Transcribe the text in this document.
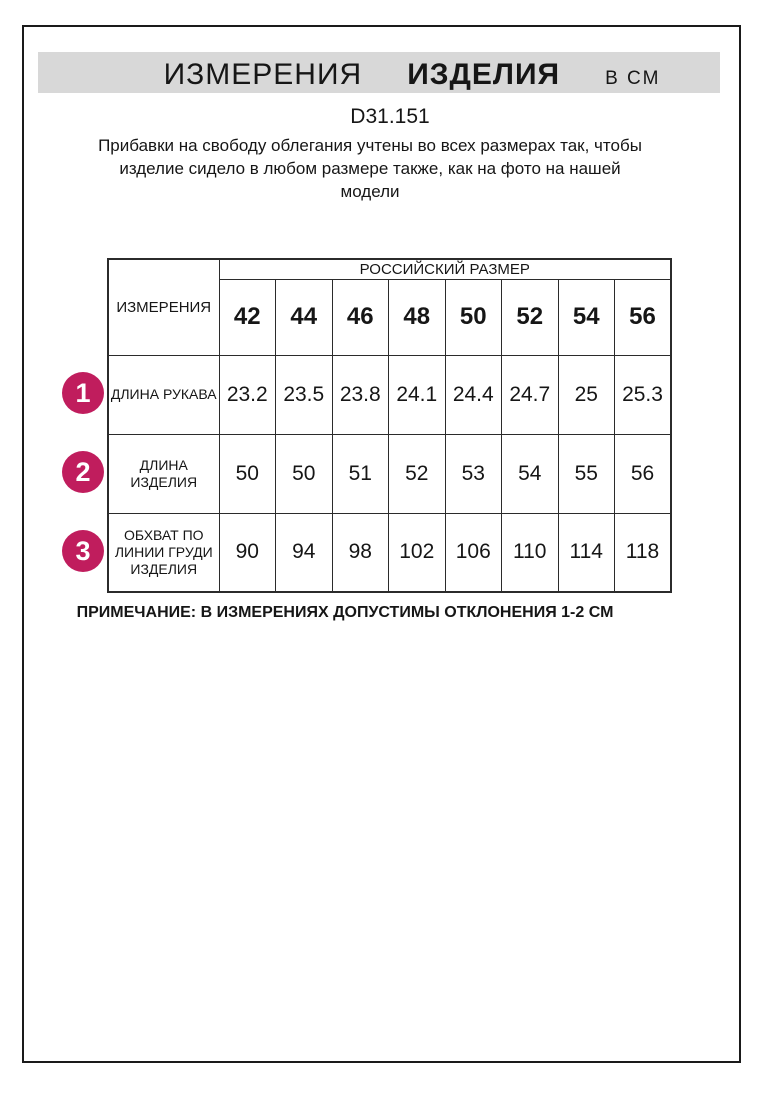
ИЗМЕРЕНИЯ ИЗДЕЛИЯ В СМ
D31.151
Прибавки на свободу облегания учтены во всех размерах так, чтобы
изделие сидело в любом размере также, как на фото на нашей
модели
ИЗМЕРЕНИЯ	РОССИЙСКИЙ РАЗМЕР							
	42	44	46	48	50	52	54	56

ДЛИНА РУКАВА	23.2	23.5	23.8	24.1	24.4	24.7	25	25.3

ДЛИНА
ИЗДЕЛИЯ	50	50	51	52	53	54	55	56

ОБХВАТ ПО
ЛИНИИ ГРУДИ
ИЗДЕЛИЯ	90	94	98	102	106	110	114	118
1
2
3
ПРИМЕЧАНИЕ: В ИЗМЕРЕНИЯХ ДОПУСТИМЫ ОТКЛОНЕНИЯ 1-2 СМ
